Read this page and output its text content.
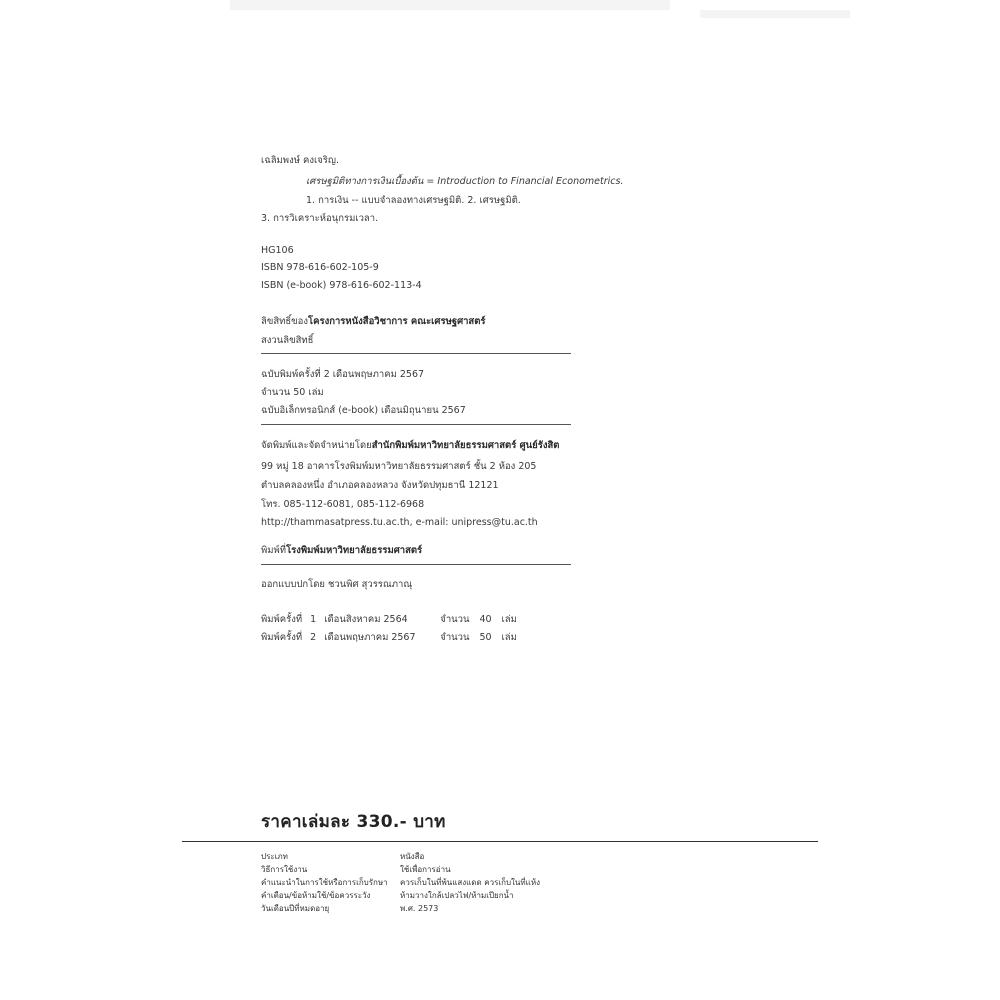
เฉลิมพงษ์ คงเจริญ.
เศรษฐมิติทางการเงินเบื้องต้น = Introduction to Financial Econometrics.
1. การเงิน -- แบบจำลองทางเศรษฐมิติ. 2. เศรษฐมิติ.
3. การวิเคราะห์อนุกรมเวลา.
HG106
ISBN 978-616-602-105-9
ISBN (e-book) 978-616-602-113-4
ลิขสิทธิ์ของโครงการหนังสือวิชาการ คณะเศรษฐศาสตร์
สงวนลิขสิทธิ์
ฉบับพิมพ์ครั้งที่ 2 เดือนพฤษภาคม 2567
จำนวน 50 เล่ม
ฉบับอิเล็กทรอนิกส์ (e-book) เดือนมิถุนายน 2567
จัดพิมพ์และจัดจำหน่ายโดยสำนักพิมพ์มหาวิทยาลัยธรรมศาสตร์ ศูนย์รังสิต
99 หมู่ 18 อาคารโรงพิมพ์มหาวิทยาลัยธรรมศาสตร์ ชั้น 2 ห้อง 205
ตำบลคลองหนึ่ง อำเภอคลองหลวง จังหวัดปทุมธานี 12121
โทร. 085-112-6081, 085-112-6968
http://thammasatpress.tu.ac.th, e-mail: unipress@tu.ac.th
พิมพ์ที่โรงพิมพ์มหาวิทยาลัยธรรมศาสตร์
ออกแบบปกโดย ชวนพิศ สุวรรณภาณุ
พิมพ์ครั้งที่ 1 เดือนสิงหาคม 2564	จำนวน 40 เล่ม
พิมพ์ครั้งที่ 2 เดือนพฤษภาคม 2567	จำนวน 50 เล่ม
ราคาเล่มละ 330.- บาท
ประเภท
วิธีการใช้งาน
คำแนะนำในการใช้หรือการเก็บรักษา
คำเตือน/ข้อห้ามใช้/ข้อควรระวัง
วันเดือนปีที่หมดอายุ
หนังสือ
ใช้เพื่อการอ่าน
ควรเก็บในที่พ้นแสงแดด ควรเก็บในที่แห้ง
ห้ามวางใกล้เปลวไฟ/ห้ามเปียกน้ำ
พ.ศ. 2573
